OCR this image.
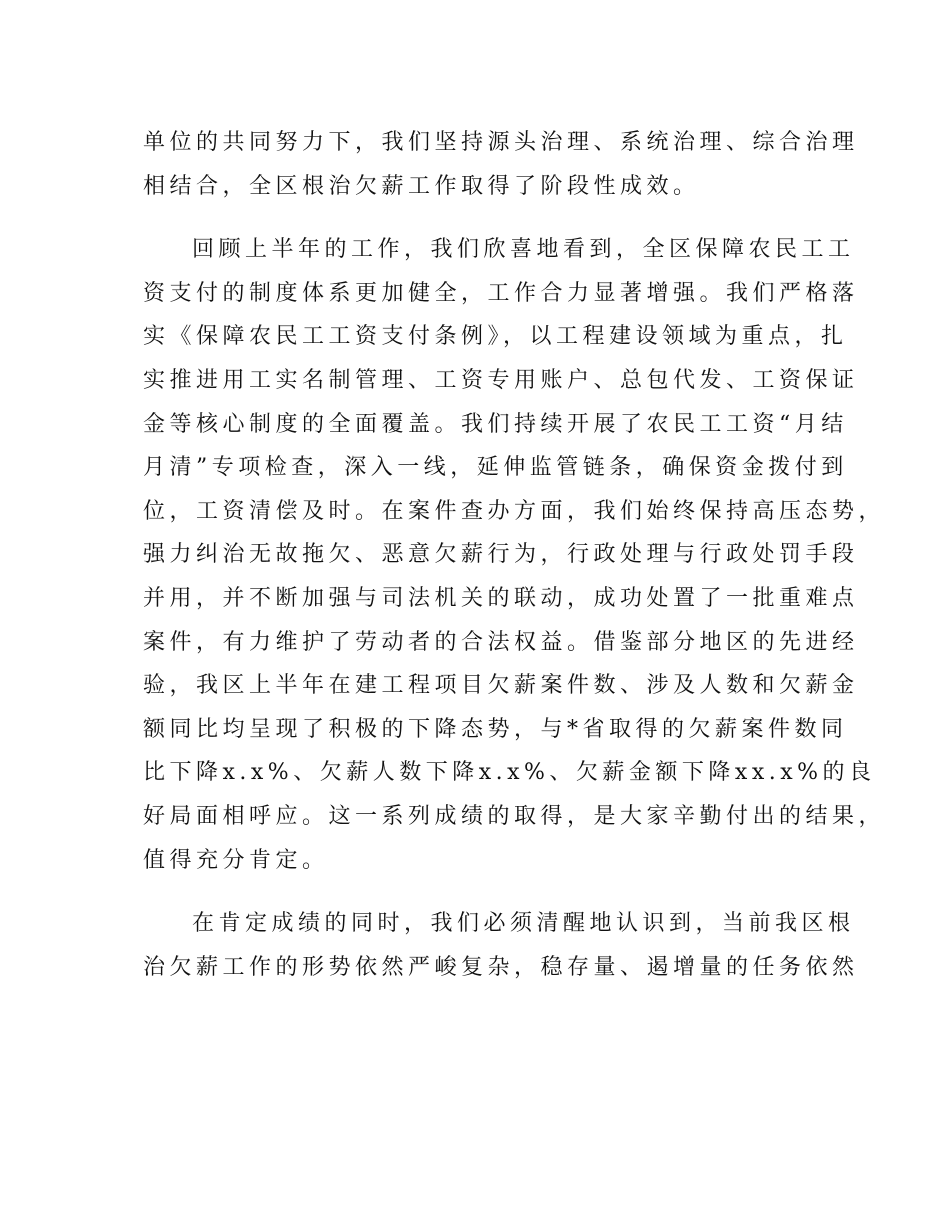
单位的共同努力下，我们坚持源头治理、系统治理、综合治理
相结合，全区根治欠薪工作取得了阶段性成效。
回顾上半年的工作，我们欣喜地看到，全区保障农民工工
资支付的制度体系更加健全，工作合力显著增强。我们严格落
实《保障农民工工资支付条例》，以工程建设领域为重点，扎
实推进用工实名制管理、工资专用账户、总包代发、工资保证
金等核心制度的全面覆盖。我们持续开展了农民工工资“月结
月清”专项检查，深入一线，延伸监管链条，确保资金拨付到
位，工资清偿及时。在案件查办方面，我们始终保持高压态势，
强力纠治无故拖欠、恶意欠薪行为，行政处理与行政处罚手段
并用，并不断加强与司法机关的联动，成功处置了一批重难点
案件，有力维护了劳动者的合法权益。借鉴部分地区的先进经
验，我区上半年在建工程项目欠薪案件数、涉及人数和欠薪金
额同比均呈现了积极的下降态势，与*省取得的欠薪案件数同
比下降x.x%、欠薪人数下降x.x%、欠薪金额下降xx.x%的良
好局面相呼应。这一系列成绩的取得，是大家辛勤付出的结果，
值得充分肯定。
在肯定成绩的同时，我们必须清醒地认识到，当前我区根
治欠薪工作的形势依然严峻复杂，稳存量、遏增量的任务依然
